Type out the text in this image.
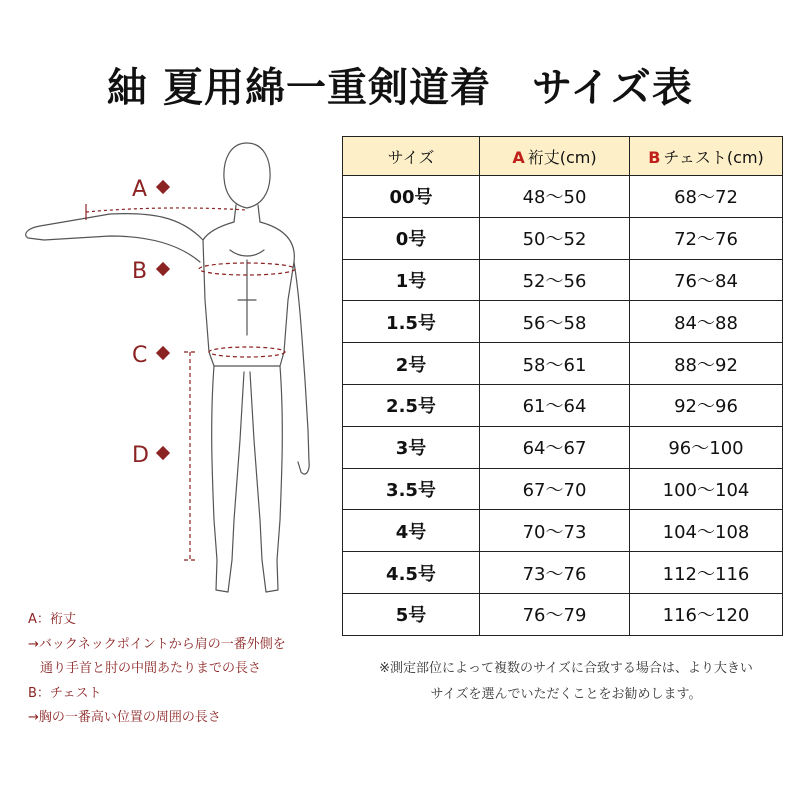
紬 夏用綿一重剣道着　サイズ表
A
B
C
D
サイズ	A 裄丈(cm)	B チェスト(cm)
00号	48〜50	68〜72
0号	50〜52	72〜76
1号	52〜56	76〜84
1.5号	56〜58	84〜88
2号	58〜61	88〜92
2.5号	61〜64	92〜96
3号	64〜67	96〜100
3.5号	67〜70	100〜104
4号	70〜73	104〜108
4.5号	73〜76	112〜116
5号	76〜79	116〜120
A：裄丈
→バックネックポイントから肩の一番外側を
通り手首と肘の中間あたりまでの長さ
B：チェスト
→胸の一番高い位置の周囲の長さ
※測定部位によって複数のサイズに合致する場合は、より大きい
サイズを選んでいただくことをお勧めします。
